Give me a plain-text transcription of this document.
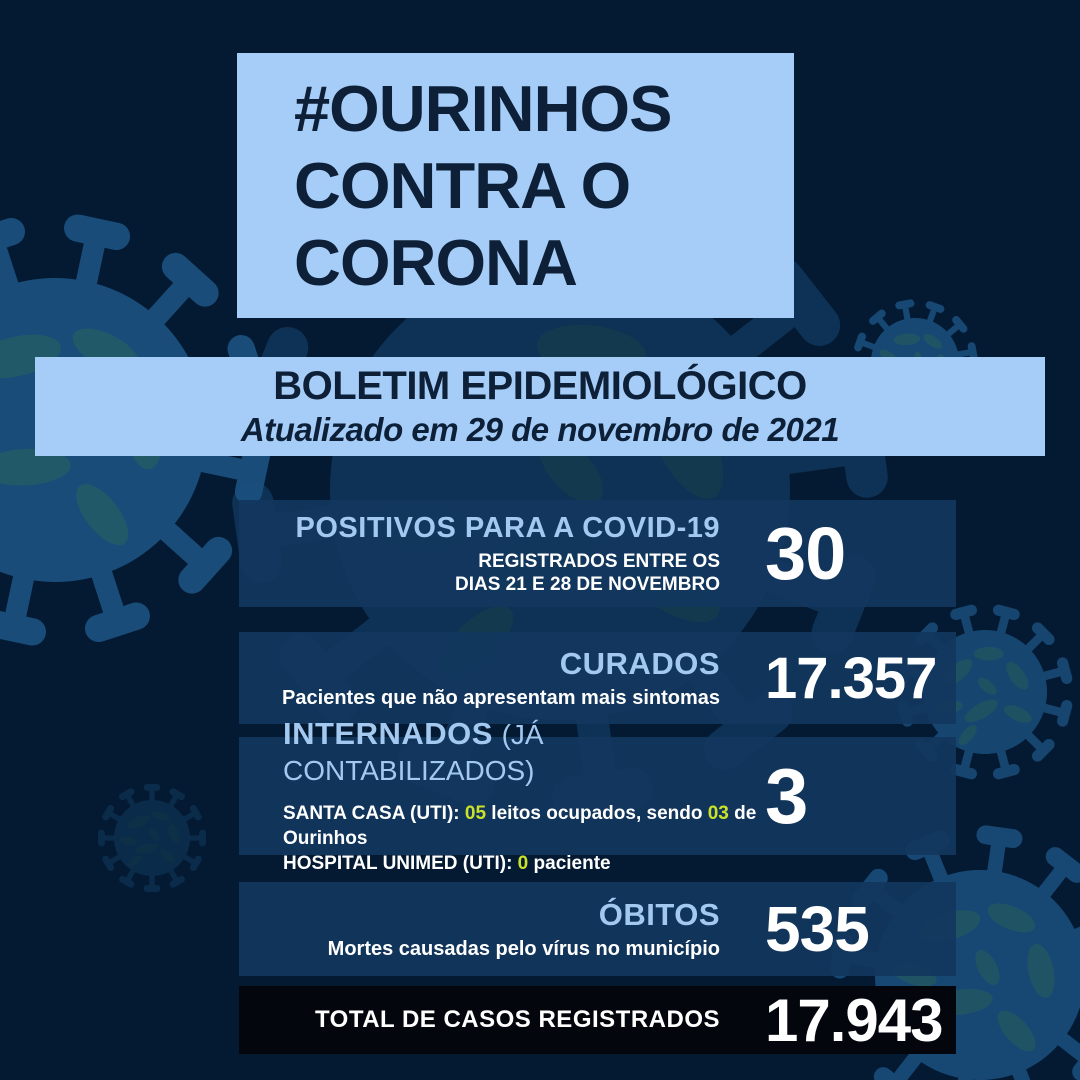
#OURINHOS
CONTRA O
CORONA
BOLETIM EPIDEMIOLÓGICO
Atualizado em 29 de novembro de 2021
POSITIVOS PARA A COVID-19
REGISTRADOS ENTRE OS
DIAS 21 E 28 DE NOVEMBRO 30
CURADOS
Pacientes que não apresentam mais sintomas 17.357
INTERNADOS (JÁ CONTABILIZADOS)
SANTA CASA (UTI): 05 leitos ocupados, sendo 03 de Ourinhos
HOSPITAL UNIMED (UTI): 0 paciente
3
ÓBITOS
Mortes causadas pelo vírus no município 535
TOTAL DE CASOS REGISTRADOS 17.943
